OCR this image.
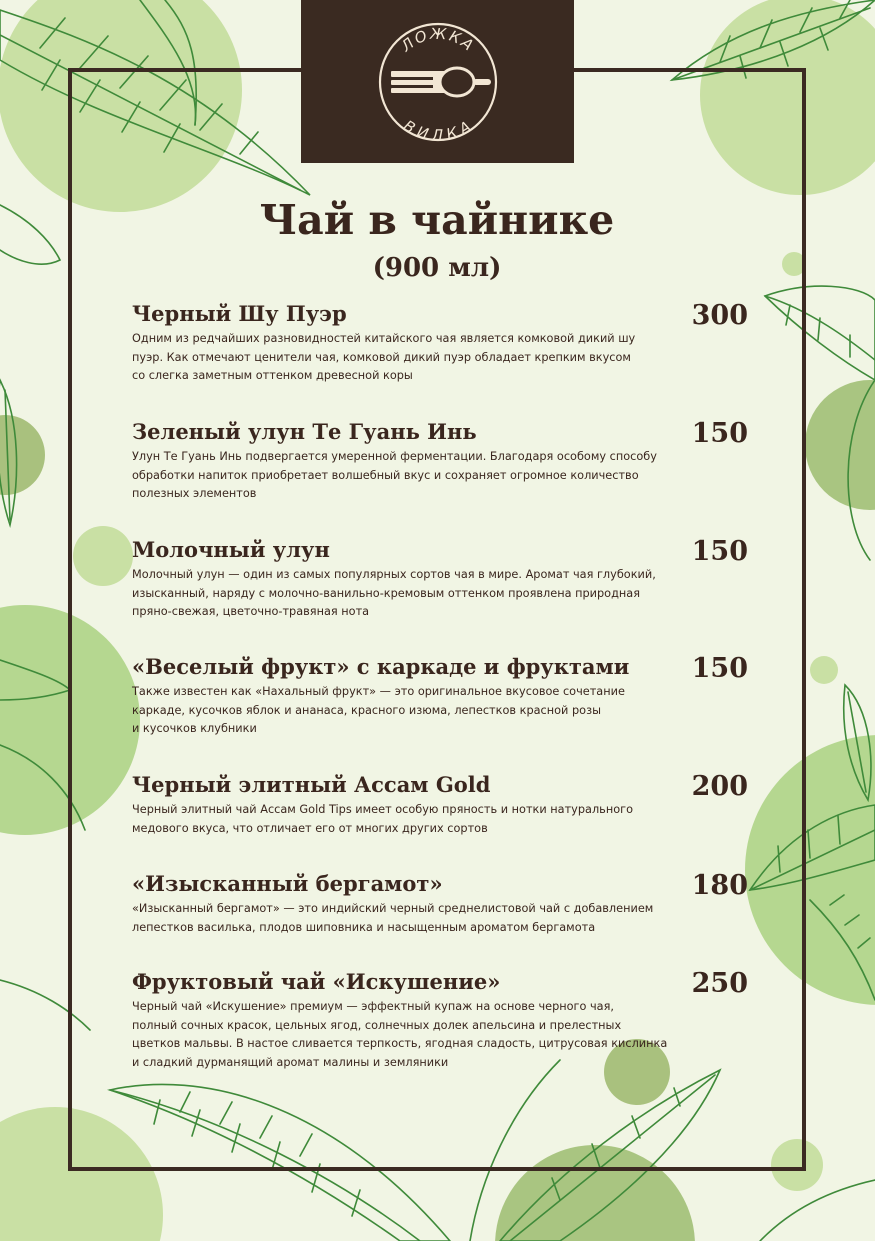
ЛОЖКА
ВИЛКА
Чай в чайнике

(900 мл)

Черный Шу Пуэр

Одним из редчайших разновидностей китайского чая является комковой дикий шу
пуэр. Как отмечают ценители чая, комковой дикий пуэр обладает крепким вкусом
со слегка заметным оттенком древесной коры
300

Зеленый улун Те Гуань Инь

Улун Те Гуань Инь подвергается умеренной ферментации. Благодаря особому способу
обработки напиток приобретает волшебный вкус и сохраняет огромное количество
полезных элементов
150

Молочный улун

Молочный улун — один из самых популярных сортов чая в мире. Аромат чая глубокий,
изысканный, наряду с молочно-ванильно-кремовым оттенком проявлена природная
пряно-свежая, цветочно-травяная нота
150

«Веселый фрукт» с каркаде и фруктами

Также известен как «Нахальный фрукт» — это оригинальное вкусовое сочетание
каркаде, кусочков яблок и ананаса, красного изюма, лепестков красной розы
и кусочков клубники
150

Черный элитный Ассам Gold

Черный элитный чай Ассам Gold Tips имеет особую пряность и нотки натурального
медового вкуса, что отличает его от многих других сортов
200

«Изысканный бергамот»

«Изысканный бергамот» — это индийский черный среднелистовой чай с добавлением
лепестков василька, плодов шиповника и насыщенным ароматом бергамота
180

Фруктовый чай «Искушение»

Черный чай «Искушение» премиум — эффектный купаж на основе черного чая,
полный сочных красок, цельных ягод, солнечных долек апельсина и прелестных
цветков мальвы. В настое сливается терпкость, ягодная сладость, цитрусовая кислинка
и сладкий дурманящий аромат малины и земляники
250
